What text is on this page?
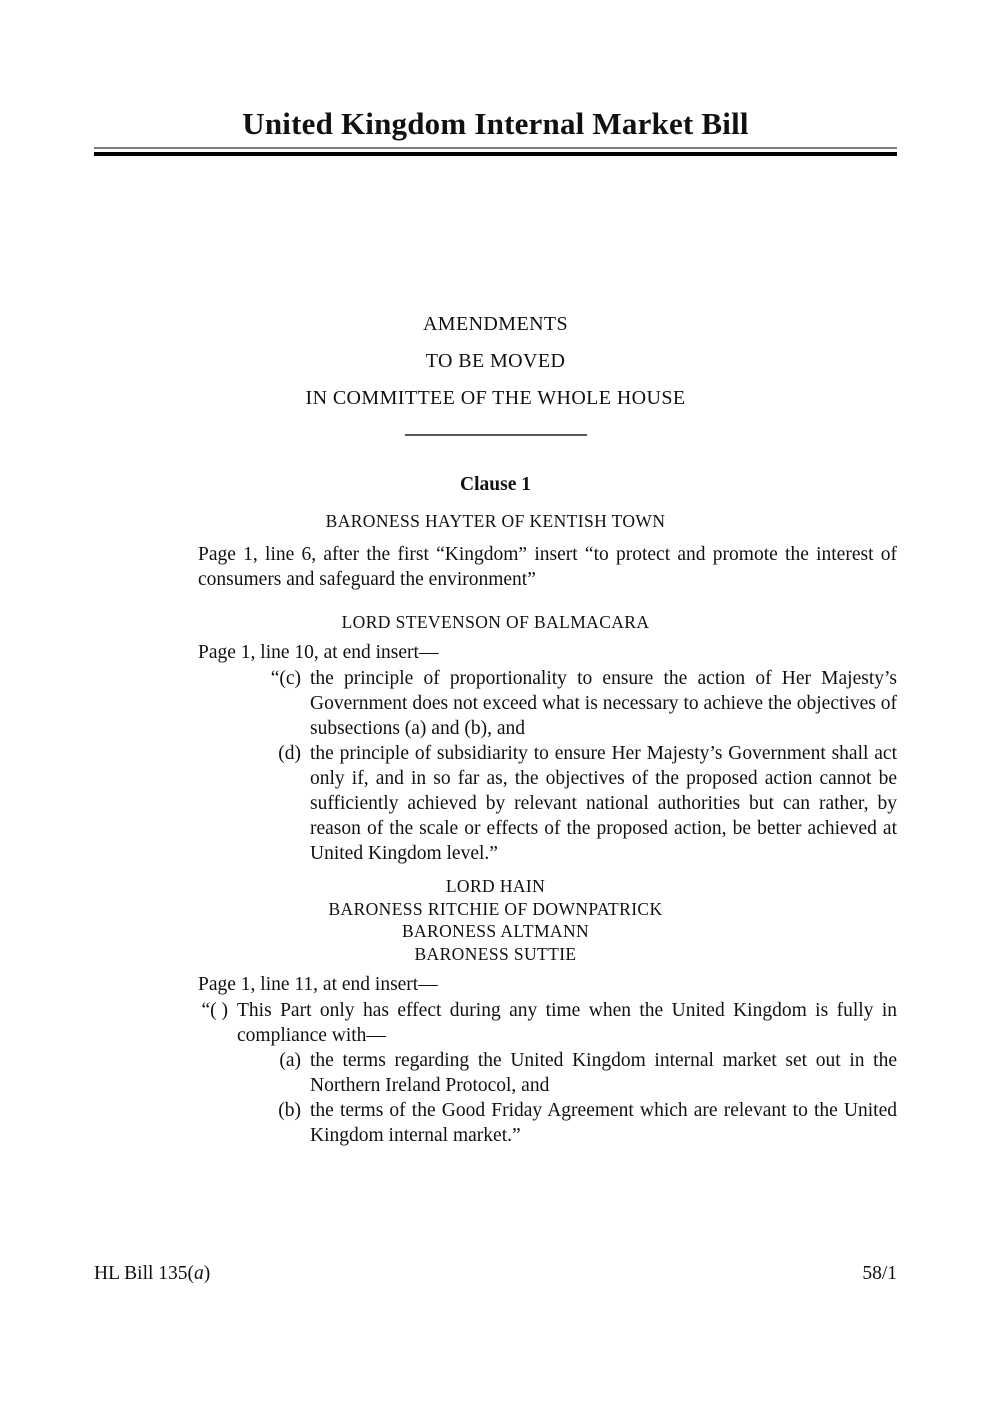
United Kingdom Internal Market Bill
AMENDMENTS
TO BE MOVED
IN COMMITTEE OF THE WHOLE HOUSE
Clause 1
BARONESS HAYTER OF KENTISH TOWN
Page 1, line 6, after the first “Kingdom” insert “to protect and promote the interest of consumers and safeguard the environment”
LORD STEVENSON OF BALMACARA
Page 1, line 10, at end insert—
“(c) the principle of proportionality to ensure the action of Her Majesty’s Government does not exceed what is necessary to achieve the objectives of subsections (a) and (b), and
(d) the principle of subsidiarity to ensure Her Majesty’s Government shall act only if, and in so far as, the objectives of the proposed action cannot be sufficiently achieved by relevant national authorities but can rather, by reason of the scale or effects of the proposed action, be better achieved at United Kingdom level.”
LORD HAIN
BARONESS RITCHIE OF DOWNPATRICK
BARONESS ALTMANN
BARONESS SUTTIE
Page 1, line 11, at end insert—
“( ) This Part only has effect during any time when the United Kingdom is fully in compliance with—
(a) the terms regarding the United Kingdom internal market set out in the Northern Ireland Protocol, and
(b) the terms of the Good Friday Agreement which are relevant to the United Kingdom internal market.”
HL Bill 135(a)	58/1
